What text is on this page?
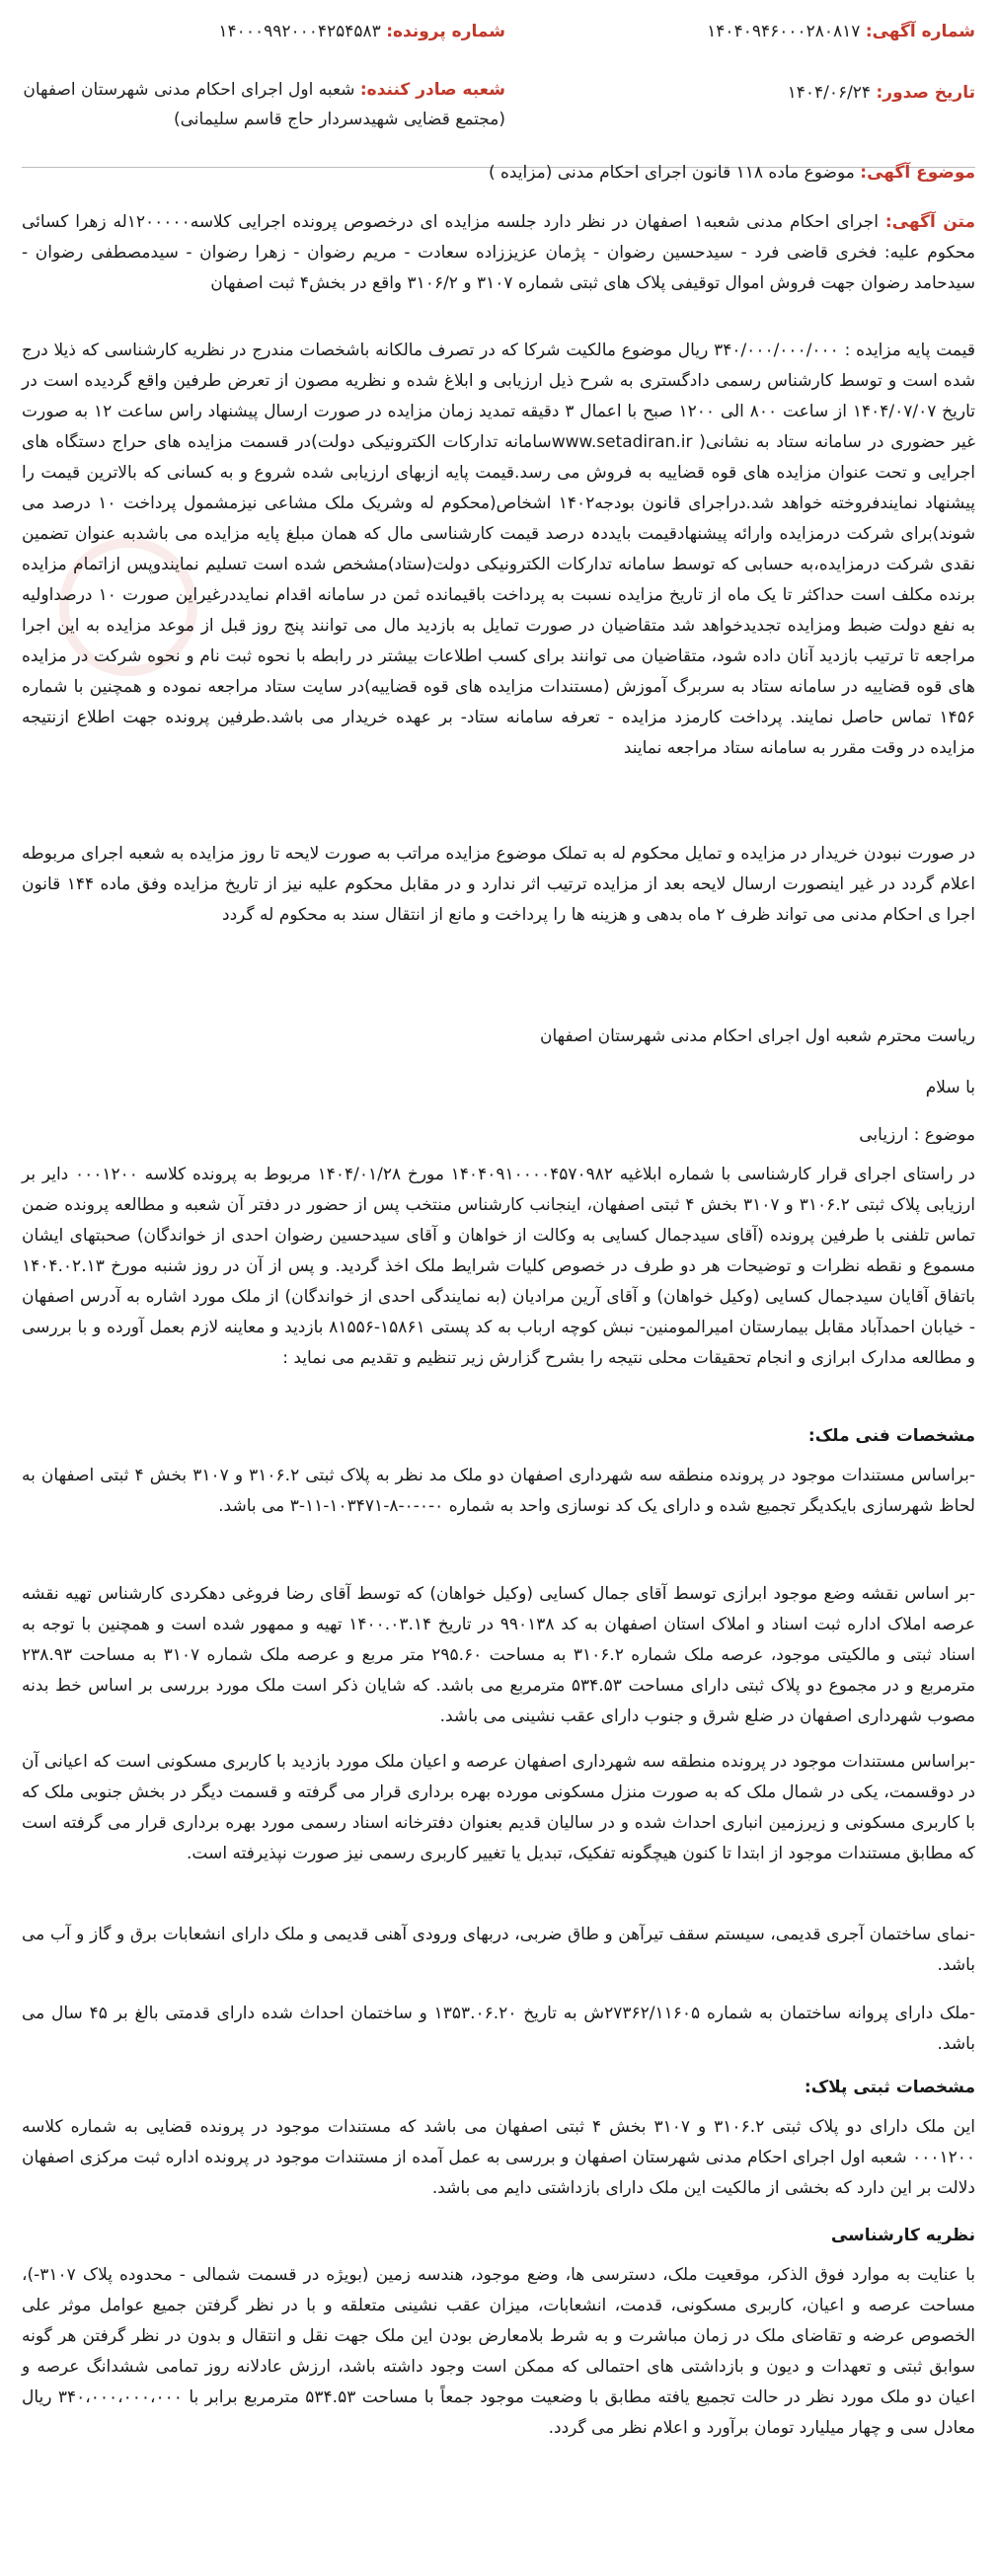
شماره آگهی: ۱۴۰۴۰۹۴۶۰۰۰۲۸۰۸۱۷
شماره پرونده: ۱۴۰۰۰۹۹۲۰۰۰۴۲۵۴۵۸۳
تاریخ صدور: ۱۴۰۴/۰۶/۲۴
شعبه صادر کننده: شعبه اول اجرای احکام مدنی شهرستان اصفهان (مجتمع قضایی شهیدسردار حاج قاسم سلیمانی)
موضوع آگهی: موضوع ماده ۱۱۸ قانون اجرای احکام مدنی (مزایده )
متن آگهی: اجرای احکام مدنی شعبه۱ اصفهان در نظر دارد جلسه مزایده ای درخصوص پرونده اجرایی کلاسه۱۲۰۰۰۰۰له زهرا کسائی محکوم علیه: فخری قاضی فرد - سیدحسین رضوان - پژمان عزیززاده سعادت - مریم رضوان - زهرا رضوان - سیدمصطفی رضوان - سیدحامد رضوان جهت فروش اموال توقیفی پلاک های ثبتی شماره ۳۱۰۷ و ۳۱۰۶/۲ واقع در بخش۴ ثبت اصفهان
قیمت پایه مزایده : ۳۴۰/۰۰۰/۰۰۰/۰۰۰ ریال موضوع مالکیت شرکا که در تصرف مالکانه باشخصات مندرج در نظریه کارشناسی که ذیلا درج شده است و توسط کارشناس رسمی دادگستری به شرح ذیل ارزیابی و ابلاغ شده و نظریه مصون از تعرض طرفین واقع گردیده است در تاریخ ۱۴۰۴/۰۷/۰۷ از ساعت ۸۰۰ الی ۱۲۰۰ صبح با اعمال ۳ دقیقه تمدید زمان مزایده در صورت ارسال پیشنهاد راس ساعت ۱۲ به صورت غیر حضوری در سامانه ستاد به نشانی( www.setadiran.irسامانه تدارکات الکترونیکی دولت)در قسمت مزایده های حراج دستگاه های اجرایی و تحت عنوان مزایده های قوه قضاییه به فروش می رسد.قیمت پایه ازبهای ارزیابی شده شروع و به کسانی که بالاترین قیمت را پیشنهاد نمایندفروخته خواهد شد.دراجرای قانون بودجه۱۴۰۲ اشخاص(محکوم له وشریک ملک مشاعی نیزمشمول پرداخت ۱۰ درصد می شوند)برای شرکت درمزایده وارائه پیشنهادقیمت بایددہ درصد قیمت کارشناسی مال که همان مبلغ پایه مزایده می باشدبه عنوان تضمین نقدی شرکت درمزایده،به حسابی که توسط سامانه تدارکات الکترونیکی دولت(ستاد)مشخص شده است تسلیم نمایندوپس ازاتمام مزایده برنده مکلف است حداکثر تا یک ماه از تاریخ مزایده نسبت به پرداخت باقیمانده ثمن در سامانه اقدام نمایددرغیراین صورت ۱۰ درصداولیه به نفع دولت ضبط ومزایده تجدیدخواهد شد متقاضیان در صورت تمایل به بازدید مال می توانند پنج روز قبل از موعد مزایده به این اجرا مراجعه تا ترتیب بازدید آنان داده شود، متقاضیان می توانند برای کسب اطلاعات بیشتر در رابطه با نحوه ثبت نام و نحوه شرکت در مزایده های قوه قضاییه در سامانه ستاد به سربرگ آموزش (مستندات مزایده های قوه قضاییه)در سایت ستاد مراجعه نموده و همچنین با شماره ۱۴۵۶ تماس حاصل نمایند. پرداخت کارمزد مزایده - تعرفه سامانه ستاد- بر عهده خریدار می باشد.طرفین پرونده جهت اطلاع ازنتیجه مزایده در وقت مقرر به سامانه ستاد مراجعه نمایند
در صورت نبودن خریدار در مزایده و تمایل محکوم له به تملک موضوع مزایده مراتب به صورت لایحه تا روز مزایده به شعبه اجرای مربوطه اعلام گردد در غیر اینصورت ارسال لایحه بعد از مزایده ترتیب اثر ندارد و در مقابل محکوم علیه نیز از تاریخ مزایده وفق ماده ۱۴۴ قانون اجرا ی احکام مدنی می تواند ظرف ۲ ماه بدهی و هزینه ها را پرداخت و مانع از انتقال سند به محکوم له گردد
ریاست محترم شعبه اول اجرای احکام مدنی شهرستان اصفهان
با سلام
موضوع : ارزیابی
در راستای اجرای قرار کارشناسی با شماره ابلاغیه ۱۴۰۴۰۹۱۰۰۰۰۴۵۷۰۹۸۲ مورخ ۱۴۰۴/۰۱/۲۸ مربوط به پرونده کلاسه ۰۰۰۱۲۰۰ دایر بر ارزیابی پلاک ثبتی ۳۱۰۶.۲ و ۳۱۰۷ بخش ۴ ثبتی اصفهان، اینجانب کارشناس منتخب پس از حضور در دفتر آن شعبه و مطالعه پرونده ضمن تماس تلفنی با طرفین پرونده (آقای سیدجمال کسایی به وکالت از خواهان و آقای سیدحسین رضوان احدی از خواندگان) صحبتهای ایشان مسموع و نقطه نظرات و توضیحات هر دو طرف در خصوص کلیات شرایط ملک اخذ گردید. و پس از آن در روز شنبه مورخ ۱۴۰۴.۰۲.۱۳ باتفاق آقایان سیدجمال کسایی (وکیل خواهان) و آقای آرین مرادیان (به نمایندگی احدی از خواندگان) از ملک مورد اشاره به آدرس اصفهان - خیابان احمدآباد مقابل بیمارستان امیرالمومنین- نبش کوچه ارباب به کد پستی ۱۵۸۶۱-۸۱۵۵۶ بازدید و معاینه لازم بعمل آورده و با بررسی و مطالعه مدارک ابرازی و انجام تحقیقات محلی نتیجه را بشرح گزارش زیر تنظیم و تقدیم می نماید :
مشخصات فنی ملک:
-براساس مستندات موجود در پرونده منطقه سه شهرداری اصفهان دو ملک مد نظر به پلاک ثبتی ۳۱۰۶.۲ و ۳۱۰۷ بخش ۴ ثبتی اصفهان به لحاظ شهرسازی بایکدیگر تجمیع شده و دارای یک کد نوسازی واحد به شماره ۰-۰-۰-۸-۱۰۳۴۷۱-۱۱-۳ می باشد.
-بر اساس نقشه وضع موجود ابرازی توسط آقای جمال کسایی (وکیل خواهان) که توسط آقای رضا فروغی دهکردی کارشناس تهیه نقشه عرصه املاک اداره ثبت اسناد و املاک استان اصفهان به کد ۹۹۰۱۳۸ در تاریخ ۱۴۰۰.۰۳.۱۴ تهیه و ممهور شده است و همچنین با توجه به اسناد ثبتی و مالکیتی موجود، عرصه ملک شماره ۳۱۰۶.۲ به مساحت ۲۹۵.۶۰ متر مربع و عرصه ملک شماره ۳۱۰۷ به مساحت ۲۳۸.۹۳ مترمربع و در مجموع دو پلاک ثبتی دارای مساحت ۵۳۴.۵۳ مترمربع می باشد. که شایان ذکر است ملک مورد بررسی بر اساس خط بدنه مصوب شهرداری اصفهان در ضلع شرق و جنوب دارای عقب نشینی می باشد.
-براساس مستندات موجود در پرونده منطقه سه شهرداری اصفهان عرصه و اعیان ملک مورد بازدید با کاربری مسکونی است که اعیانی آن در دوقسمت، یکی در شمال ملک که به صورت منزل مسکونی مورده بهره برداری قرار می گرفته و قسمت دیگر در بخش جنوبی ملک که با کاربری مسکونی و زیرزمین انباری احداث شده و در سالیان قدیم بعنوان دفترخانه اسناد رسمی مورد بهره برداری قرار می گرفته است که مطابق مستندات موجود از ابتدا تا کنون هیچگونه تفکیک، تبدیل یا تغییر کاربری رسمی نیز صورت نپذیرفته است.
-نمای ساختمان آجری قدیمی، سیستم سقف تیرآهن و طاق ضربی، دربهای ورودی آهنی قدیمی و ملک دارای انشعابات برق و گاز و آب می باشد.
-ملک دارای پروانه ساختمان به شماره ۲۷۳۶۲/۱۱۶۰۵ش به تاریخ ۱۳۵۳.۰۶.۲۰ و ساختمان احداث شده دارای قدمتی بالغ بر ۴۵ سال می باشد.
مشخصات ثبتی پلاک:
این ملک دارای دو پلاک ثبتی ۳۱۰۶.۲ و ۳۱۰۷ بخش ۴ ثبتی اصفهان می باشد که مستندات موجود در پرونده قضایی به شماره کلاسه ۰۰۰۱۲۰۰ شعبه اول اجرای احکام مدنی شهرستان اصفهان و بررسی به عمل آمده از مستندات موجود در پرونده اداره ثبت مرکزی اصفهان دلالت بر این دارد که بخشی از مالکیت این ملک دارای بازداشتی دایم می باشد.
نظریه کارشناسی
با عنایت به موارد فوق الذکر، موقعیت ملک، دسترسی ها، وضع موجود، هندسه زمین (بویژه در قسمت شمالی - محدوده پلاک ۳۱۰۷-)، مساحت عرصه و اعیان، کاربری مسکونی، قدمت، انشعابات، میزان عقب نشینی متعلقه و با در نظر گرفتن جمیع عوامل موثر علی الخصوص عرضه و تقاضای ملک در زمان مباشرت و به شرط بلامعارض بودن این ملک جهت نقل و انتقال و بدون در نظر گرفتن هر گونه سوابق ثبتی و تعهدات و دیون و بازداشتی های احتمالی که ممکن است وجود داشته باشد، ارزش عادلانه روز تمامی ششدانگ عرصه و اعیان دو ملک مورد نظر در حالت تجمیع یافته مطابق با وضعیت موجود جمعاً با مساحت ۵۳۴.۵۳ مترمربع برابر با ۳۴۰،۰۰۰،۰۰۰،۰۰۰ ریال معادل سی و چهار میلیارد تومان برآورد و اعلام نظر می گردد.
